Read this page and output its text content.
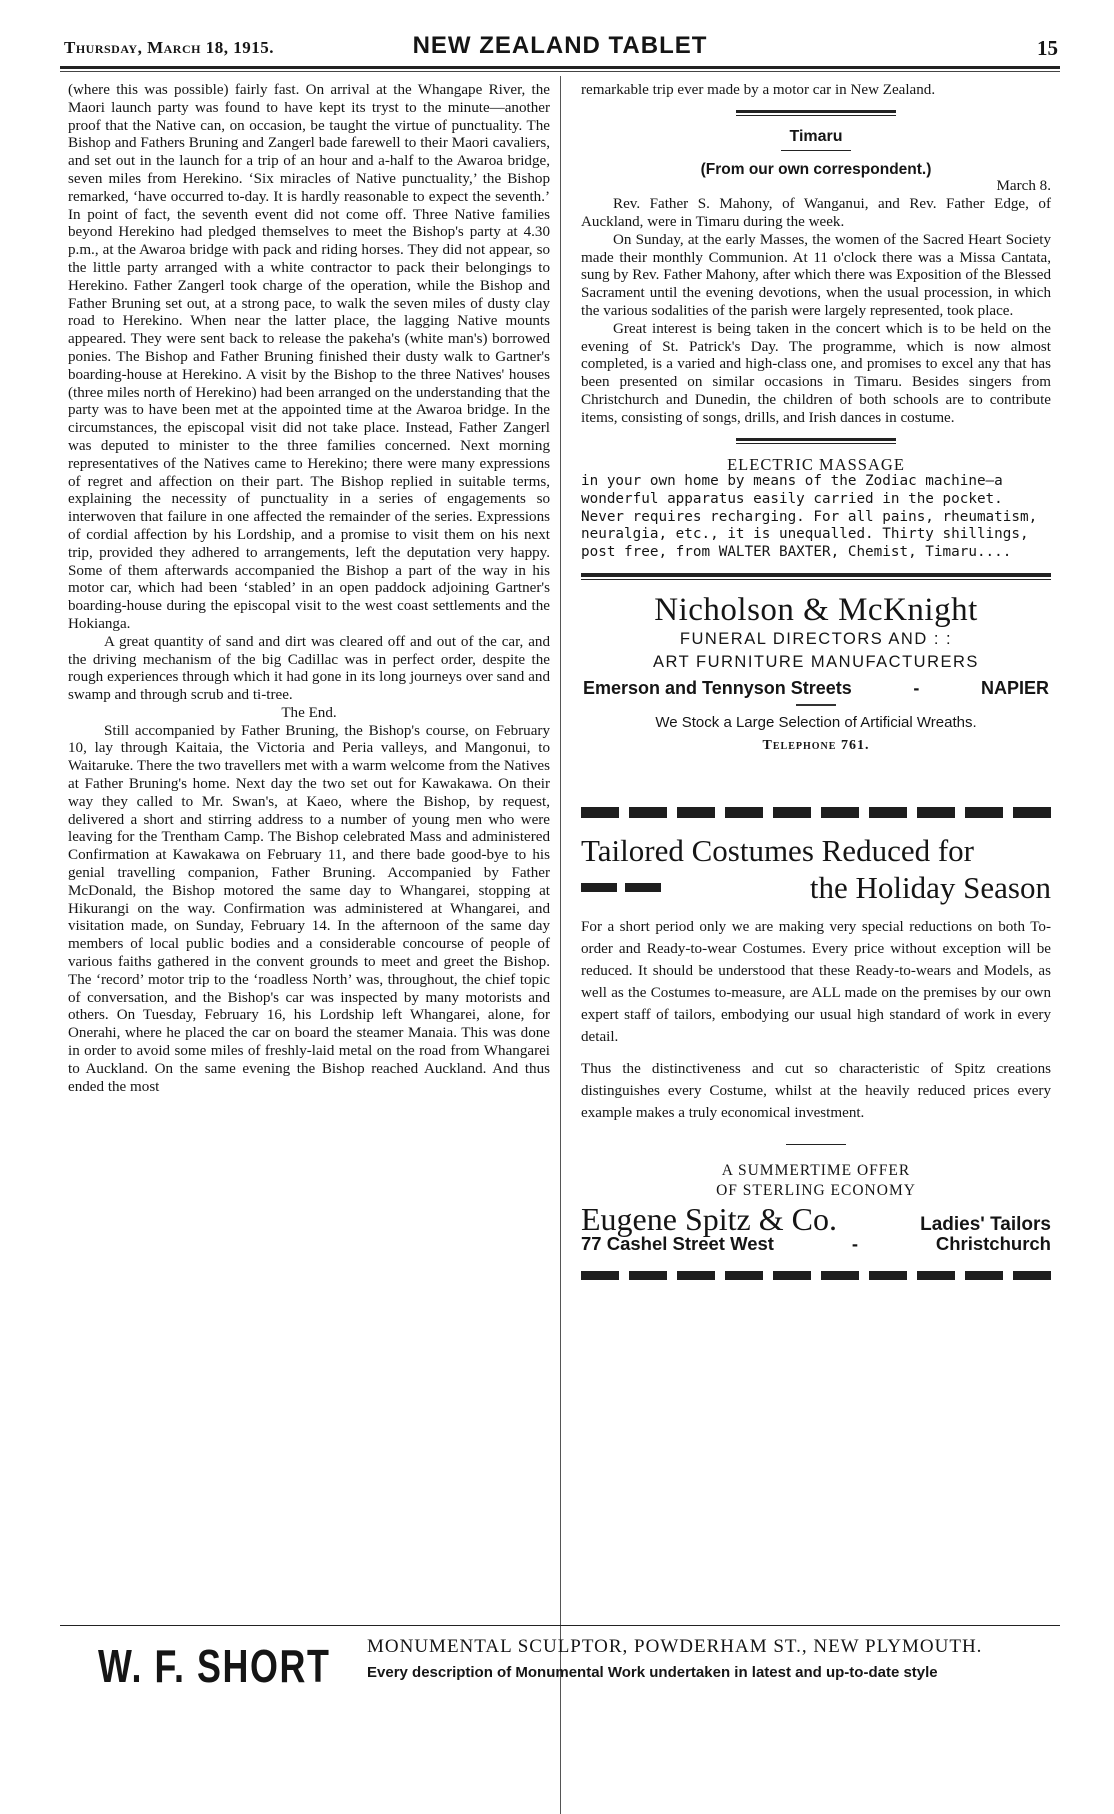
Thursday, March 18, 1915.	NEW ZEALAND TABLET	15

(where this was possible) fairly fast. On arrival at the Whangape River, the Maori launch party was found to have kept its tryst to the minute—another proof that the Native can, on occasion, be taught the virtue of punctuality. The Bishop and Fathers Bruning and Zangerl bade farewell to their Maori cavaliers, and set out in the launch for a trip of an hour and a-half to the Awaroa bridge, seven miles from Herekino. ‘Six miracles of Native punctuality,’ the Bishop remarked, ‘have occurred to-day. It is hardly reasonable to expect the seventh.’ In point of fact, the seventh event did not come off. Three Native families beyond Herekino had pledged themselves to meet the Bishop's party at 4.30 p.m., at the Awaroa bridge with pack and riding horses. They did not appear, so the little party arranged with a white contractor to pack their belongings to Herekino. Father Zangerl took charge of the operation, while the Bishop and Father Bruning set out, at a strong pace, to walk the seven miles of dusty clay road to Herekino. When near the latter place, the lagging Native mounts appeared. They were sent back to release the pakeha's (white man's) borrowed ponies. The Bishop and Father Bruning finished their dusty walk to Gartner's boarding-house at Herekino. A visit by the Bishop to the three Natives' houses (three miles north of Herekino) had been arranged on the understanding that the party was to have been met at the appointed time at the Awaroa bridge. In the circumstances, the episcopal visit did not take place. Instead, Father Zangerl was deputed to minister to the three families concerned. Next morning representatives of the Natives came to Herekino; there were many expressions of regret and affection on their part. The Bishop replied in suitable terms, explaining the necessity of punctuality in a series of engagements so interwoven that failure in one affected the remainder of the series. Expressions of cordial affection by his Lordship, and a promise to visit them on his next trip, provided they adhered to arrangements, left the deputation very happy. Some of them afterwards accompanied the Bishop a part of the way in his motor car, which had been ‘stabled’ in an open paddock adjoining Gartner's boarding-house during the episcopal visit to the west coast settlements and the Hokianga.

A great quantity of sand and dirt was cleared off and out of the car, and the driving mechanism of the big Cadillac was in perfect order, despite the rough experiences through which it had gone in its long journeys over sand and swamp and through scrub and ti-tree.

The End.

Still accompanied by Father Bruning, the Bishop's course, on February 10, lay through Kaitaia, the Victoria and Peria valleys, and Mangonui, to Waitaruke. There the two travellers met with a warm welcome from the Natives at Father Bruning's home. Next day the two set out for Kawakawa. On their way they called to Mr. Swan's, at Kaeo, where the Bishop, by request, delivered a short and stirring address to a number of young men who were leaving for the Trentham Camp. The Bishop celebrated Mass and administered Confirmation at Kawakawa on February 11, and there bade good-bye to his genial travelling companion, Father Bruning. Accompanied by Father McDonald, the Bishop motored the same day to Whangarei, stopping at Hikurangi on the way. Confirmation was administered at Whangarei, and visitation made, on Sunday, February 14. In the afternoon of the same day members of local public bodies and a considerable concourse of people of various faiths gathered in the convent grounds to meet and greet the Bishop. The ‘record’ motor trip to the ‘roadless North’ was, throughout, the chief topic of conversation, and the Bishop's car was inspected by many motorists and others. On Tuesday, February 16, his Lordship left Whangarei, alone, for Onerahi, where he placed the car on board the steamer Manaia. This was done in order to avoid some miles of freshly-laid metal on the road from Whangarei to Auckland. On the same evening the Bishop reached Auckland. And thus ended the most

remarkable trip ever made by a motor car in New Zealand.

Timaru

(From our own correspondent.)

March 8.

Rev. Father S. Mahony, of Wanganui, and Rev. Father Edge, of Auckland, were in Timaru during the week.

On Sunday, at the early Masses, the women of the Sacred Heart Society made their monthly Communion. At 11 o'clock there was a Missa Cantata, sung by Rev. Father Mahony, after which there was Exposition of the Blessed Sacrament until the evening devotions, when the usual procession, in which the various sodalities of the parish were largely represented, took place.

Great interest is being taken in the concert which is to be held on the evening of St. Patrick's Day. The programme, which is now almost completed, is a varied and high-class one, and promises to excel any that has been presented on similar occasions in Timaru. Besides singers from Christchurch and Dunedin, the children of both schools are to contribute items, consisting of songs, drills, and Irish dances in costume.

ELECTRIC MASSAGE

in your own home by means of the Zodiac machine—a wonderful apparatus easily carried in the pocket. Never requires recharging. For all pains, rheumatism, neuralgia, etc., it is unequalled. Thirty shillings, post free, from WALTER BAXTER, Chemist, Timaru....

Nicholson & McKnight
FUNERAL DIRECTORS AND : :
ART FURNITURE MANUFACTURERS
Emerson and Tennyson Streets	-	NAPIER
We Stock a Large Selection of Artificial Wreaths.
Telephone 761.
Tailored Costumes Reduced for
the Holiday Season

For a short period only we are making very special reductions on both To-order and Ready-to-wear Costumes. Every price without exception will be reduced. It should be understood that these Ready-to-wears and Models, as well as the Costumes to-measure, are ALL made on the premises by our own expert staff of tailors, embodying our usual high standard of work in every detail.

Thus the distinctiveness and cut so characteristic of Spitz creations distinguishes every Costume, whilst at the heavily reduced prices every example makes a truly economical investment.

A SUMMERTIME OFFER
OF STERLING ECONOMY
Eugene Spitz & Co.	Ladies' Tailors
77 Cashel Street West	-	Christchurch
W. F. SHORT MONUMENTAL SCULPTOR, POWDERHAM ST., NEW PLYMOUTH.
Every description of Monumental Work undertaken in latest and up-to-date style
